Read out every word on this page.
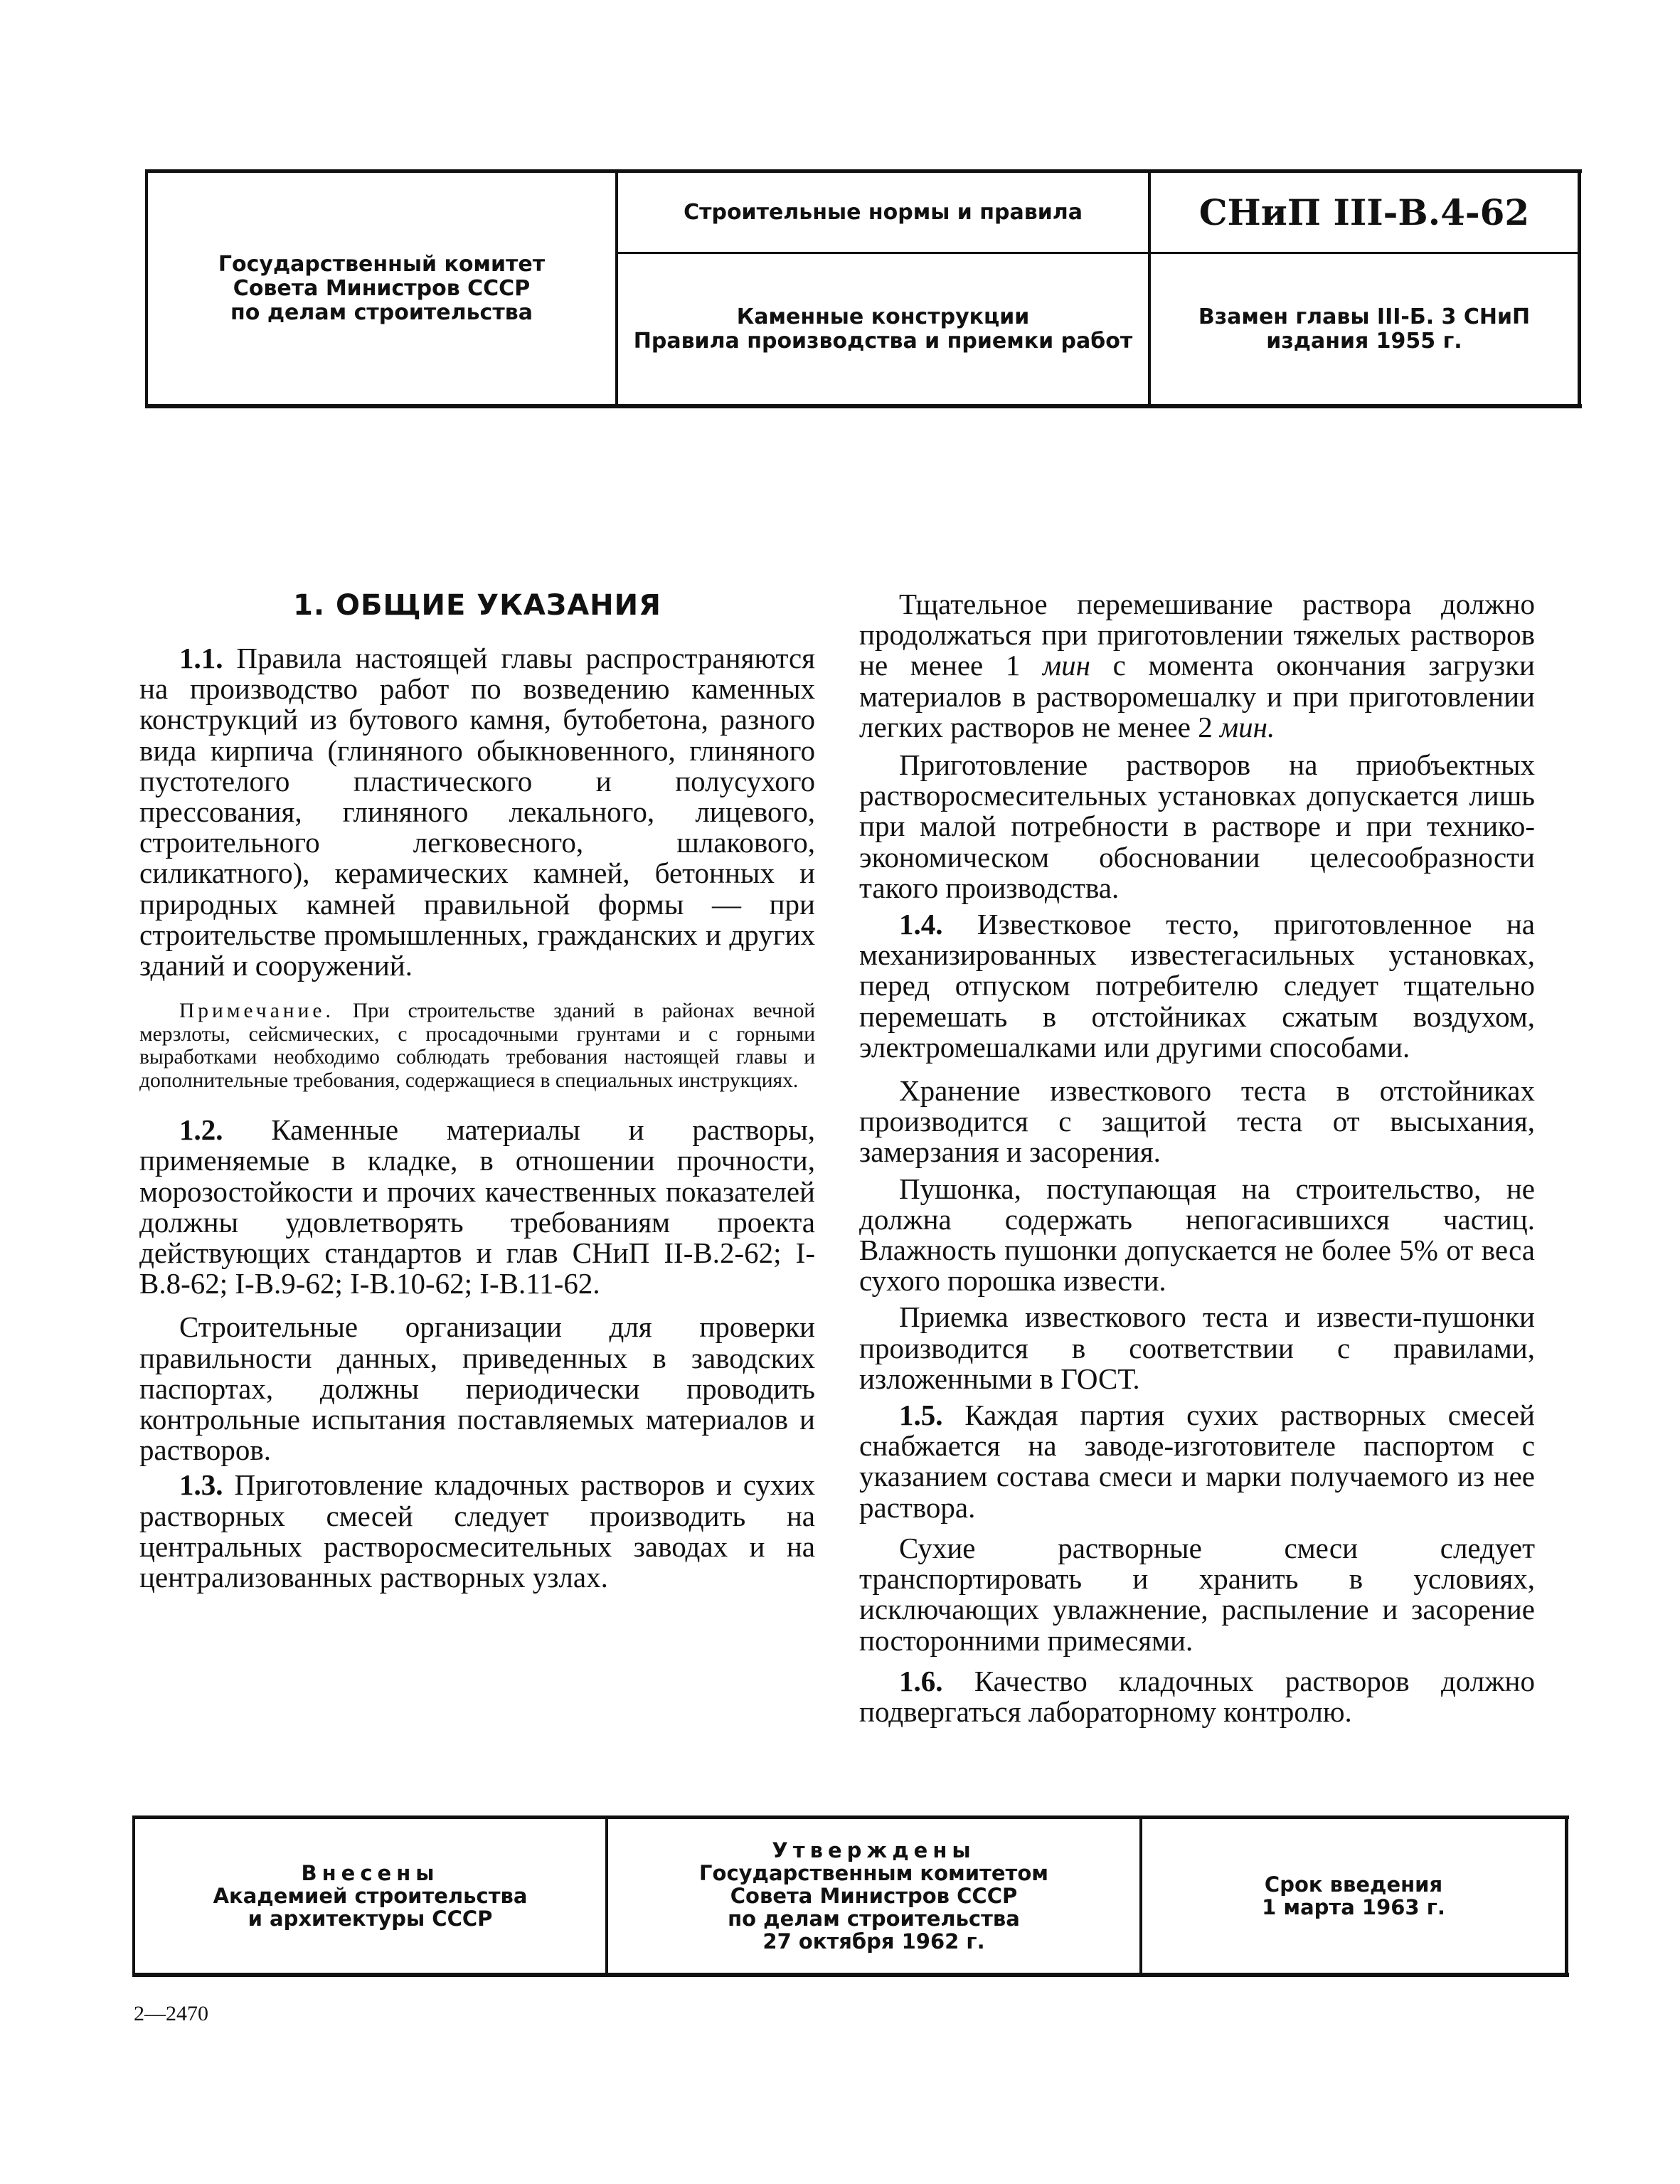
Государственный комитет
Совета Министров СССР
по делам строительства
Строительные нормы и правила	СНиП III-В.4-62
Каменные конструкции
Правила производства и приемки работ
Взамен главы III-Б. 3 СНиП
издания 1955 г.
1. ОБЩИЕ УКАЗАНИЯ

1.1. Правила настоящей главы распространяются на производство работ по возведению каменных конструкций из бутового камня, бутобетона, разного вида кирпича (глиняного обыкновенного, глиняного пустотелого пластического и полусухого прессования, глиняного лекального, лицевого, строительного легковесного, шлакового, силикатного), керамических камней, бетонных и природных камней правильной формы — при строительстве промышленных, гражданских и других зданий и сооружений.

Примечание. При строительстве зданий в районах вечной мерзлоты, сейсмических, с просадочными грунтами и с горными выработками необходимо соблюдать требования настоящей главы и дополнительные требования, содержащиеся в специальных инструкциях.

1.2. Каменные материалы и растворы, применяемые в кладке, в отношении прочности, морозостойкости и прочих качественных показателей должны удовлетворять требованиям проекта действующих стандартов и глав СНиП II-В.2-62; I-В.8-62; I-В.9-62; I-В.10-62; I-В.11-62.

Строительные организации для проверки правильности данных, приведенных в заводских паспортах, должны периодически проводить контрольные испытания поставляемых материалов и растворов.

1.3. Приготовление кладочных растворов и сухих растворных смесей следует производить на центральных растворосмесительных заводах и на централизованных растворных узлах.

Тщательное перемешивание раствора должно продолжаться при приготовлении тяжелых растворов не менее 1 мин с момента окончания загрузки материалов в растворомешалку и при приготовлении легких растворов не менее 2 мин.

Приготовление растворов на приобъектных растворосмесительных установках допускается лишь при малой потребности в растворе и при технико-экономическом обосновании целесообразности такого производства.

1.4. Известковое тесто, приготовленное на механизированных известегасильных установках, перед отпуском потребителю следует тщательно перемешать в отстойниках сжатым воздухом, электромешалками или другими способами.

Хранение известкового теста в отстойниках производится с защитой теста от высыхания, замерзания и засорения.

Пушонка, поступающая на строительство, не должна содержать непогасившихся частиц. Влажность пушонки допускается не более 5% от веса сухого порошка извести.

Приемка известкового теста и извести-пушонки производится в соответствии с правилами, изложенными в ГОСТ.

1.5. Каждая партия сухих растворных смесей снабжается на заводе-изготовителе паспортом с указанием состава смеси и марки получаемого из нее раствора.

Сухие растворные смеси следует транспортировать и хранить в условиях, исключающих увлажнение, распыление и засорение посторонними примесями.

1.6. Качество кладочных растворов должно подвергаться лабораторному контролю.

Внесены
Академией строительства
и архитектуры СССР
Утверждены
Государственным комитетом
Совета Министров СССР
по делам строительства
27 октября 1962 г.
Срок введения
1 марта 1963 г.
2—2470
